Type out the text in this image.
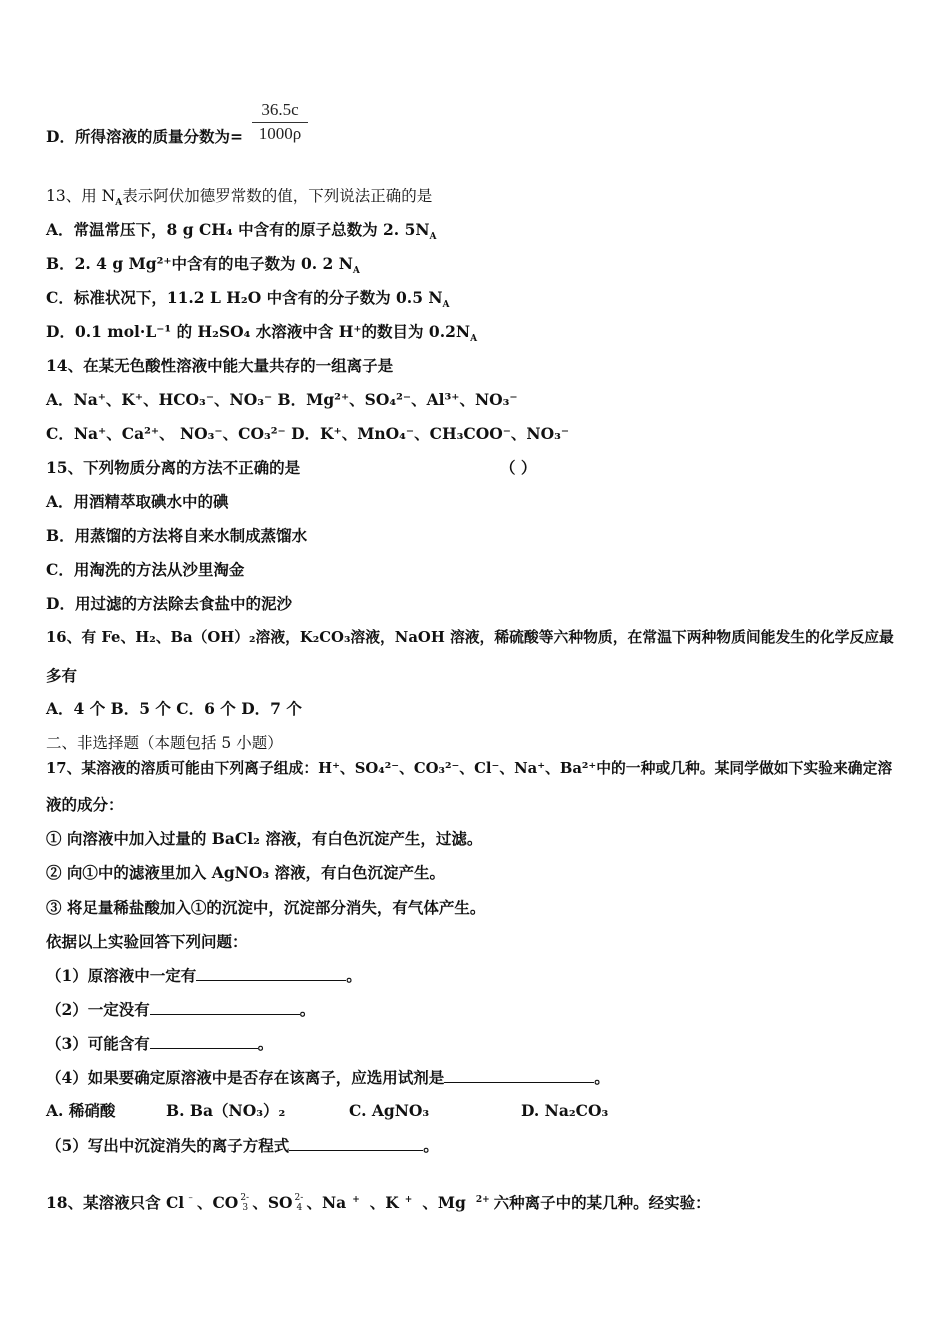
D．所得溶液的质量分数为= $\frac{36.5c}{1000\rho}$
13、用 $N_A$表示阿伏加德罗常数的值，下列说法正确的是
A．常温常压下，8 g CH₄ 中含有的原子总数为 2. $5N_A$
B．2. 4 g Mg²⁺中含有的电子数为 0. 2 $N_A$
C．标准状况下，11.2 L H₂O 中含有的分子数为 0.5 $N_A$
D．0.1 mol·L⁻¹ 的 H₂SO₄ 水溶液中含 H⁺的数目为 $0.2N_A$
14、在某无色酸性溶液中能大量共存的一组离子是
A．Na⁺、K⁺、HCO₃⁻、NO₃⁻ B．Mg²⁺、SO₄²⁻、Al³⁺、NO₃⁻
C．Na⁺、Ca²⁺、 NO₃⁻、CO₃²⁻ D．K⁺、MnO₄⁻、CH₃COO⁻、NO₃⁻
15、下列物质分离的方法不正确的是	（ ）
A．用酒精萃取碘水中的碘
B．用蒸馏的方法将自来水制成蒸馏水
C．用淘洗的方法从沙里淘金
D．用过滤的方法除去食盐中的泥沙
16、有 Fe、H₂、Ba（OH）₂溶液，K₂CO₃溶液，NaOH 溶液，稀硫酸等六种物质，在常温下两种物质间能发生的化学反应最
多有
A．4 个 B．5 个 C．6 个 D．7 个
二、非选择题（本题包括 5 小题）
17、某溶液的溶质可能由下列离子组成：H⁺、SO₄²⁻、CO₃²⁻、Cl⁻、Na⁺、Ba²⁺中的一种或几种。某同学做如下实验来确定溶
液的成分：
① 向溶液中加入过量的 BaCl₂ 溶液，有白色沉淀产生，过滤。
② 向①中的滤液里加入 AgNO₃ 溶液，有白色沉淀产生。
③ 将足量稀盐酸加入①的沉淀中，沉淀部分消失，有气体产生。
依据以上实验回答下列问题：
（1）原溶液中一定有	。
（2）一定没有	。
（3）可能含有	。
（4）如果要确定原溶液中是否存在该离子，应选用试剂是	。
A. 稀硝酸	B. Ba（NO₃）₂	C. AgNO₃	D. Na₂CO₃
（5）写出中沉淀消失的离子方程式	。
18、某溶液只含 Cl ⁻ 、CO 2-
3 、SO 2-
4 、Na + 、K + 、Mg $^{2+}$ 六种离子中的某几种。经实验：
